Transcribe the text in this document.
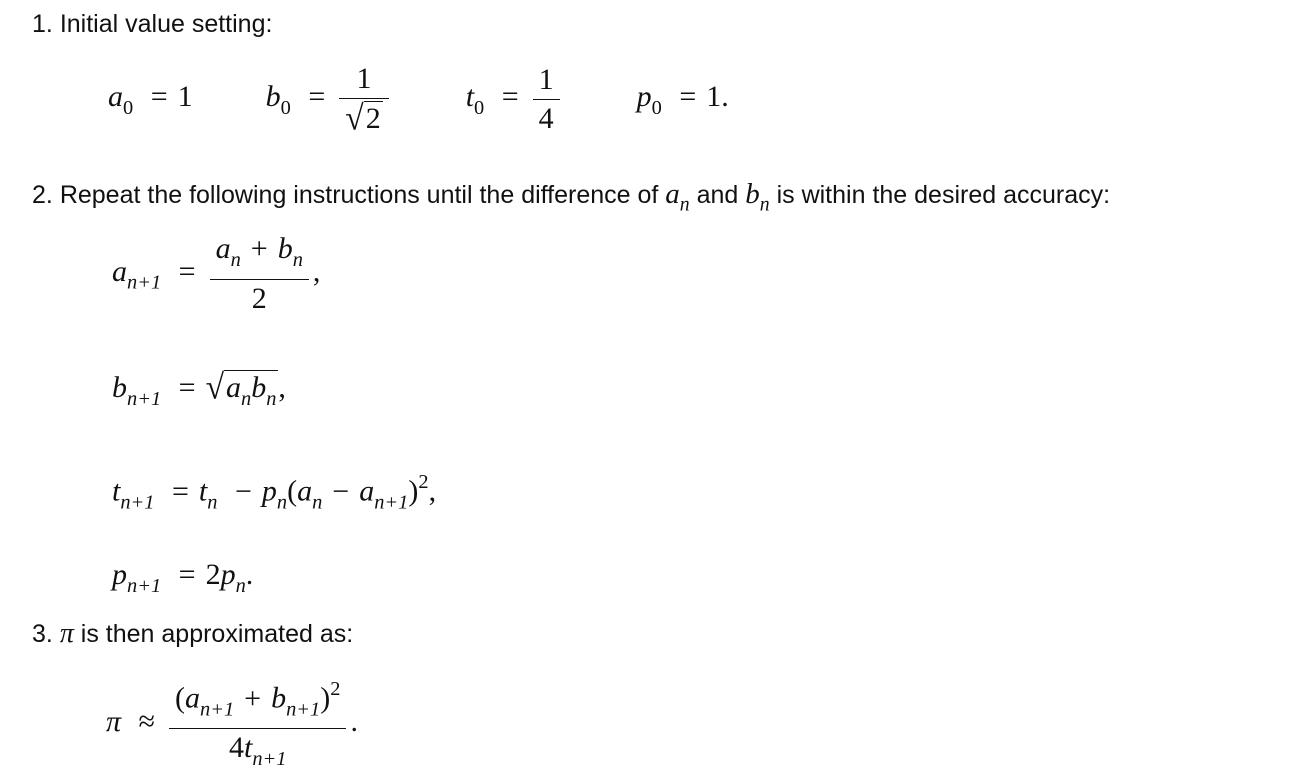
1. Initial value setting:
$a_0 = 1$ $b_0 = \frac{1}{√2}$	$t_0 = \frac{1}{4}$	$p_0 = 1$.
2. Repeat the following instructions until the difference of $a_n$ and $b_n$ is within the desired accuracy:
$a_{n+1} = \frac{a_n + b_n}{2}$ ,
$b_{n+1} = √a_nb_n$,
$t_{n+1} = t_n - p_n(a_n - a_{n+1})^2$,
$p_{n+1} = 2p_n$.
3. π is then approximated as:
$\pi \approx \frac{(a_{n+1} + b_{n+1})^2}{4t_{n+1}}$ .
